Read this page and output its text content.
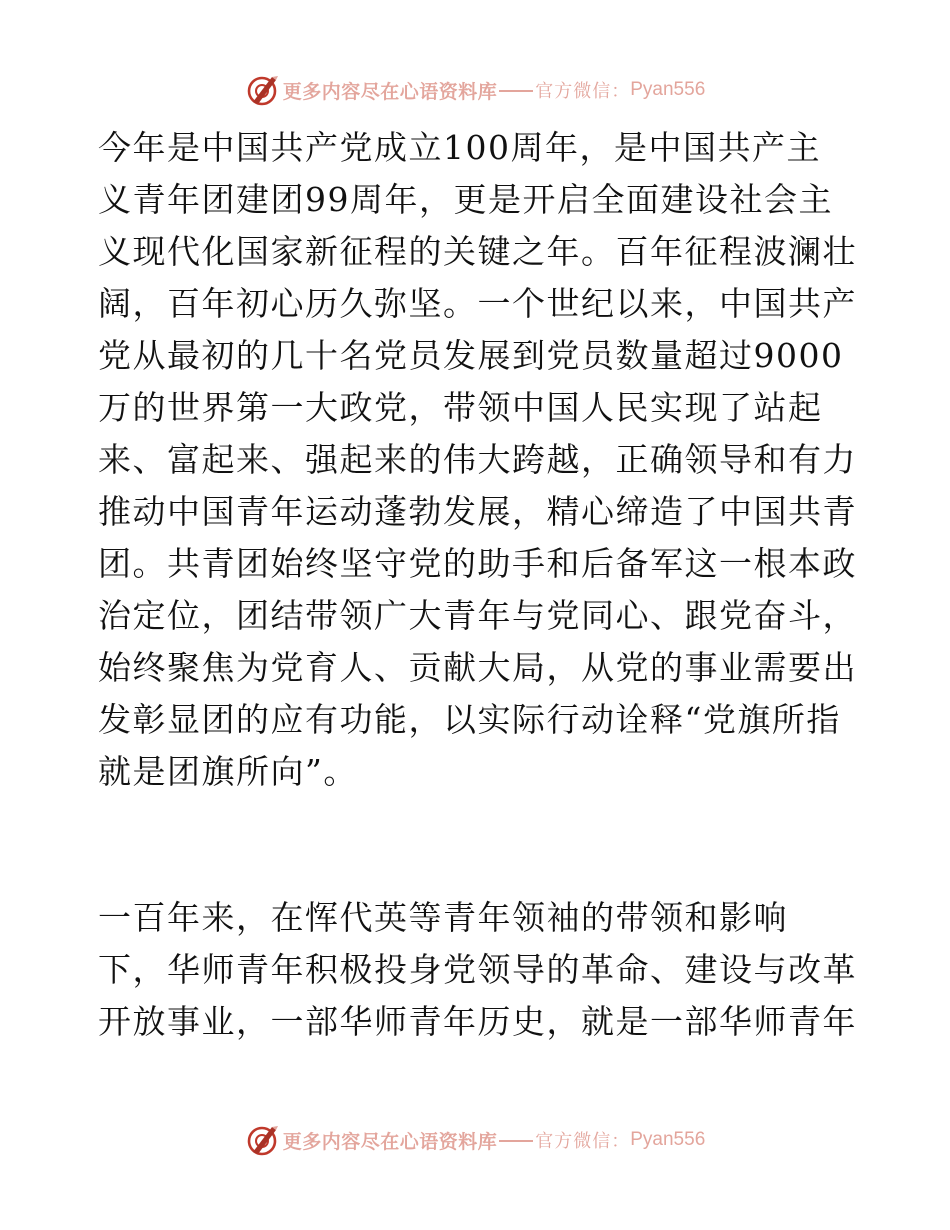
更多内容尽在心语资料库 官方微信： Pyan556
今年是中国共产党成立100周年，是中国共产主
义青年团建团99周年，更是开启全面建设社会主
义现代化国家新征程的关键之年。百年征程波澜壮
阔，百年初心历久弥坚。一个世纪以来，中国共产
党从最初的几十名党员发展到党员数量超过9000
万的世界第一大政党，带领中国人民实现了站起
来、富起来、强起来的伟大跨越，正确领导和有力
推动中国青年运动蓬勃发展，精心缔造了中国共青
团。共青团始终坚守党的助手和后备军这一根本政
治定位，团结带领广大青年与党同心、跟党奋斗，
始终聚焦为党育人、贡献大局，从党的事业需要出
发彰显团的应有功能，以实际行动诠释“党旗所指
就是团旗所向”。
一百年来，在恽代英等青年领袖的带领和影响
下，华师青年积极投身党领导的革命、建设与改革
开放事业，一部华师青年历史，就是一部华师青年
更多内容尽在心语资料库 官方微信： Pyan556
